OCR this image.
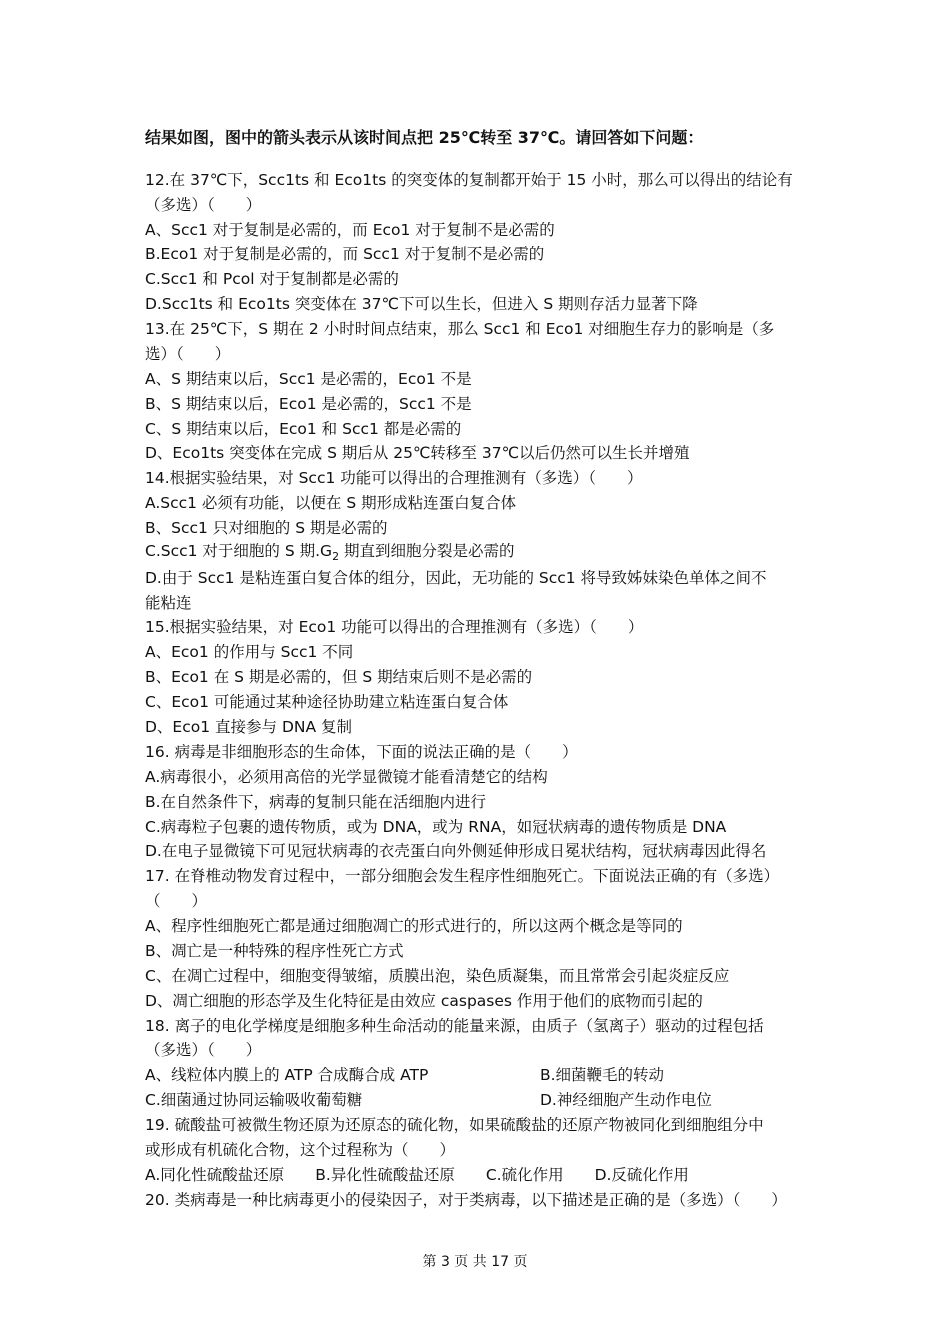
结果如图，图中的箭头表示从该时间点把 25℃转至 37℃。请回答如下问题：
12.在 37℃下，Scc1ts 和 Eco1ts 的突变体的复制都开始于 15 小时，那么可以得出的结论有
（多选）（　　）
A、Scc1 对于复制是必需的，而 Eco1 对于复制不是必需的
B.Eco1 对于复制是必需的，而 Scc1 对于复制不是必需的
C.Scc1 和 Pcol 对于复制都是必需的
D.Scc1ts 和 Eco1ts 突变体在 37℃下可以生长，但进入 S 期则存活力显著下降
13.在 25℃下，S 期在 2 小时时间点结束，那么 Scc1 和 Eco1 对细胞生存力的影响是（多
选）（　　）
A、S 期结束以后，Scc1 是必需的，Eco1 不是
B、S 期结束以后，Eco1 是必需的，Scc1 不是
C、S 期结束以后，Eco1 和 Scc1 都是必需的
D、Eco1ts 突变体在完成 S 期后从 25℃转移至 37℃以后仍然可以生长并增殖
14.根据实验结果，对 Scc1 功能可以得出的合理推测有（多选）（　　）
A.Scc1 必须有功能，以便在 S 期形成粘连蛋白复合体
B、Scc1 只对细胞的 S 期是必需的
C.Scc1 对于细胞的 S 期$.G_2$ 期直到细胞分裂是必需的
D.由于 Scc1 是粘连蛋白复合体的组分，因此，无功能的 Scc1 将导致姊妹染色单体之间不
能粘连
15.根据实验结果，对 Eco1 功能可以得出的合理推测有（多选）（　　）
A、Eco1 的作用与 Scc1 不同
B、Eco1 在 S 期是必需的，但 S 期结束后则不是必需的
C、Eco1 可能通过某种途径协助建立粘连蛋白复合体
D、Eco1 直接参与 DNA 复制
16. 病毒是非细胞形态的生命体，下面的说法正确的是（　　）
A.病毒很小，必须用高倍的光学显微镜才能看清楚它的结构
B.在自然条件下，病毒的复制只能在活细胞内进行
C.病毒粒子包裹的遗传物质，或为 DNA，或为 RNA，如冠状病毒的遗传物质是 DNA
D.在电子显微镜下可见冠状病毒的衣壳蛋白向外侧延伸形成日冕状结构，冠状病毒因此得名
17. 在脊椎动物发育过程中，一部分细胞会发生程序性细胞死亡。下面说法正确的有（多选）
（　　）
A、程序性细胞死亡都是通过细胞凋亡的形式进行的，所以这两个概念是等同的
B、凋亡是一种特殊的程序性死亡方式
C、在凋亡过程中，细胞变得皱缩，质膜出泡，染色质凝集，而且常常会引起炎症反应
D、凋亡细胞的形态学及生化特征是由效应 caspases 作用于他们的底物而引起的
18. 离子的电化学梯度是细胞多种生命活动的能量来源，由质子（氢离子）驱动的过程包括
（多选）（　　）
A、线粒体内膜上的 ATP 合成酶合成 ATP	B.细菌鞭毛的转动
C.细菌通过协同运输吸收葡萄糖	D.神经细胞产生动作电位
19. 硫酸盐可被微生物还原为还原态的硫化物，如果硫酸盐的还原产物被同化到细胞组分中
或形成有机硫化合物，这个过程称为（　　）
A.同化性硫酸盐还原　　B.异化性硫酸盐还原　　C.硫化作用　　D.反硫化作用
20. 类病毒是一种比病毒更小的侵染因子，对于类病毒，以下描述是正确的是（多选）（　　）
第 3 页 共 17 页
